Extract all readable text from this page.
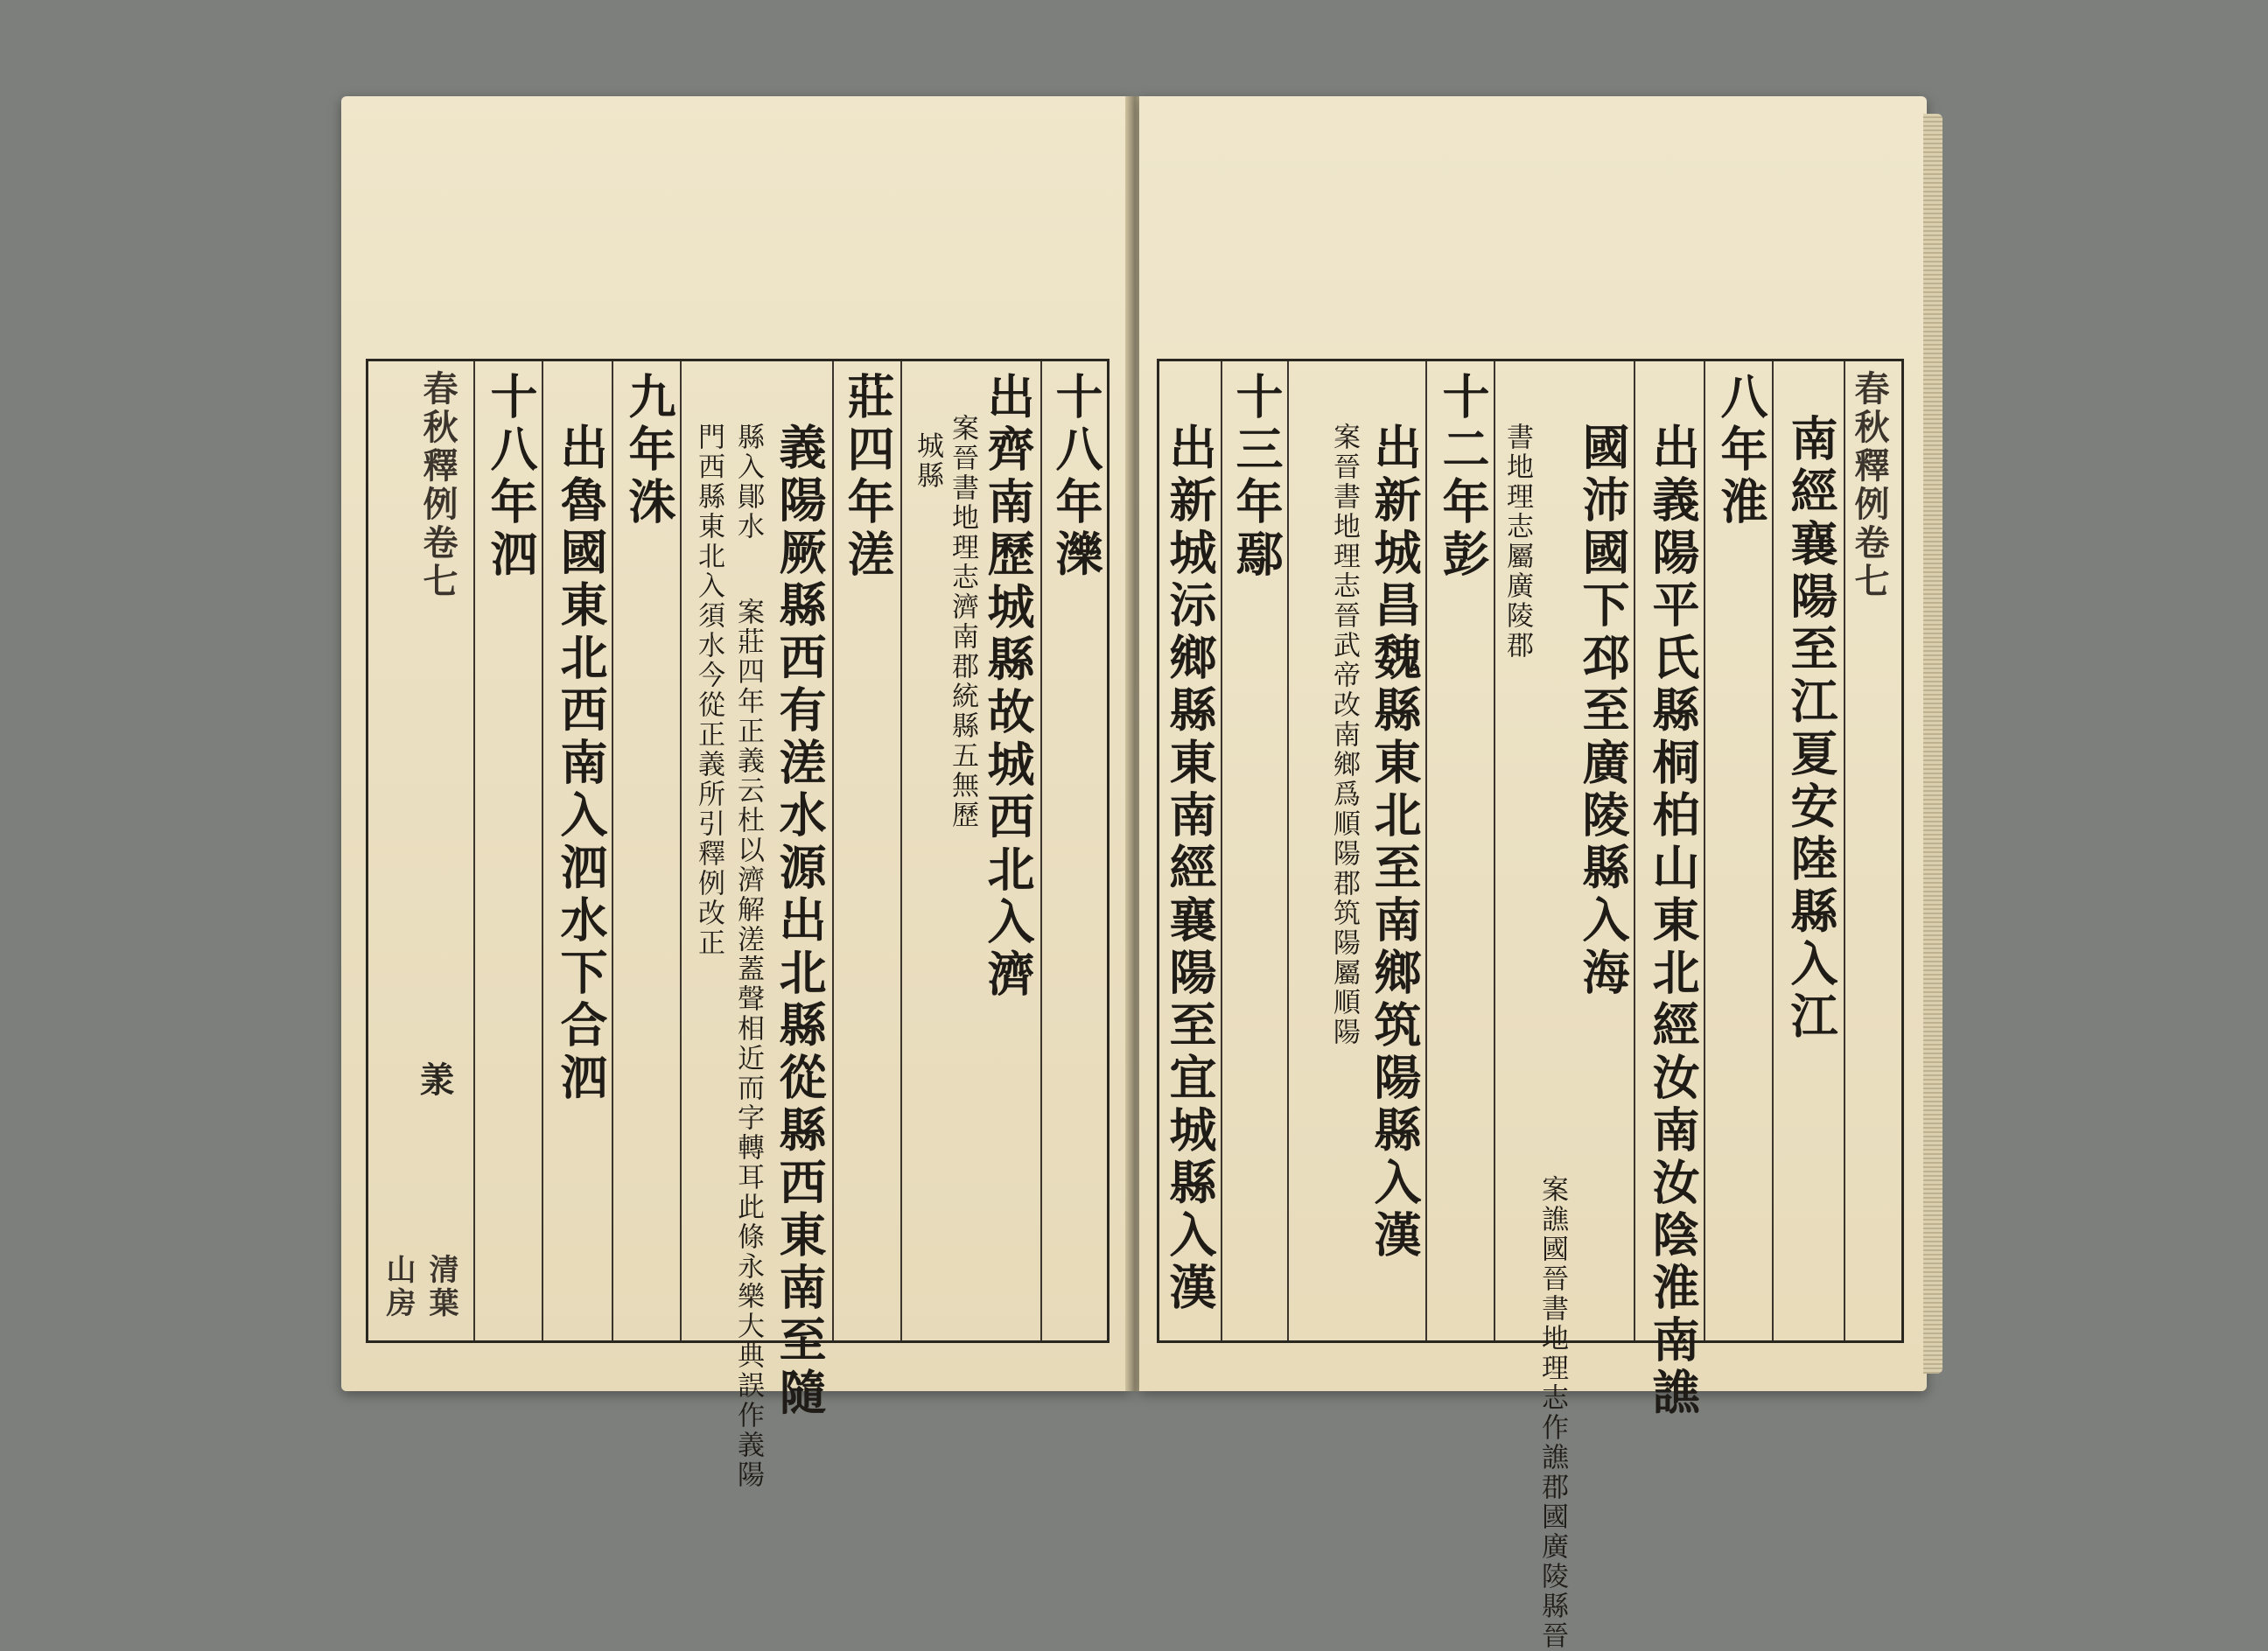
十八年濼
出齊南歷城縣故城西北入濟
案晉書地理志濟南郡統縣五無歷
城縣
莊四年溠
義陽厥縣西有溠水源出北縣從縣西東南至隨
縣入鄖水
案莊四年正義云杜以濟解溠蓋聲相近而字轉耳此條永樂大典誤作義陽
門西縣東北入須水今從正義所引釋例改正
九年洙
出魯國東北西南入泗水下合泗
十八年泗
春秋釋例卷七
羕
清葉山房
春秋釋例卷七
南經襄陽至江夏安陸縣入江
八年淮
出義陽平氏縣桐柏山東北經汝南汝陰淮南譙
國沛國下邳至廣陵縣入海
案譙國晉書地理志作譙郡國廣陵縣晉
書地理志屬廣陵郡
十二年彭
出新城昌魏縣東北至南鄉筑陽縣入漢
案晉書地理志晉武帝改南鄉爲順陽郡筑陽屬順陽
十三年鄢
出新城沶鄉縣東南經襄陽至宜城縣入漢
